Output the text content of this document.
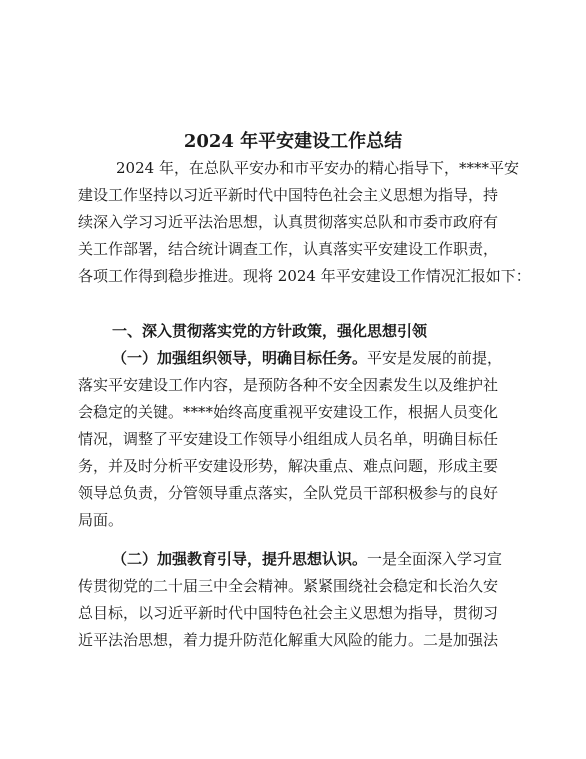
2024 年平安建设工作总结
2024 年，在总队平安办和市平安办的精心指导下，****平安
建设工作坚持以习近平新时代中国特色社会主义思想为指导，持
续深入学习习近平法治思想，认真贯彻落实总队和市委市政府有
关工作部署，结合统计调查工作，认真落实平安建设工作职责，
各项工作得到稳步推进。现将 2024 年平安建设工作情况汇报如下：
一、深入贯彻落实党的方针政策，强化思想引领
（一）加强组织领导，明确目标任务。平安是发展的前提，
落实平安建设工作内容，是预防各种不安全因素发生以及维护社
会稳定的关键。****始终高度重视平安建设工作，根据人员变化
情况，调整了平安建设工作领导小组组成人员名单，明确目标任
务，并及时分析平安建设形势，解决重点、难点问题，形成主要
领导总负责，分管领导重点落实，全队党员干部积极参与的良好
局面。
（二）加强教育引导，提升思想认识。一是全面深入学习宣
传贯彻党的二十届三中全会精神。紧紧围绕社会稳定和长治久安
总目标，以习近平新时代中国特色社会主义思想为指导，贯彻习
近平法治思想，着力提升防范化解重大风险的能力。二是加强法
